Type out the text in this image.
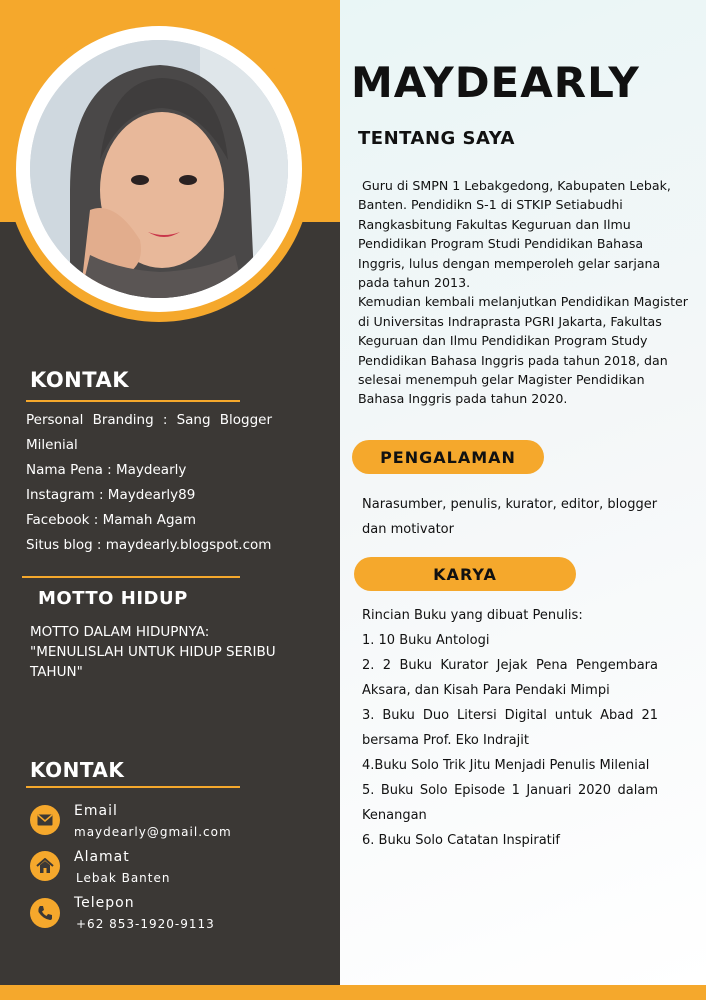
KONTAK
Personal Branding : Sang Blogger Milenial
Nama Pena : Maydearly
Instagram : Maydearly89
Facebook : Mamah Agam
Situs blog : maydearly.blogspot.com
MOTTO HIDUP
MOTTO DALAM HIDUPNYA: "MENULISLAH UNTUK HIDUP SERIBU TAHUN"
KONTAK
Email
maydearly@gmail.com
Alamat
Lebak Banten
Telepon
+62 853-1920-9113
MAYDEARLY
TENTANG SAYA

Guru di SMPN 1 Lebakgedong, Kabupaten Lebak, Banten. Pendidikn S-1 di STKIP Setiabudhi Rangkasbitung Fakultas Keguruan dan Ilmu Pendidikan Program Studi Pendidikan Bahasa Inggris, lulus dengan memperoleh gelar sarjana pada tahun 2013.

Kemudian kembali melanjutkan Pendidikan Magister di Universitas Indraprasta PGRI Jakarta, Fakultas Keguruan dan Ilmu Pendidikan Program Study Pendidikan Bahasa Inggris pada tahun 2018, dan selesai menempuh gelar Magister Pendidikan Bahasa Inggris pada tahun 2020.

PENGALAMAN
Narasumber, penulis, kurator, editor, blogger dan motivator
KARYA
Rincian Buku yang dibuat Penulis:
1. 10 Buku Antologi
2. 2 Buku Kurator Jejak Pena Pengembara Aksara, dan Kisah Para Pendaki Mimpi
3. Buku Duo Litersi Digital untuk Abad 21 bersama Prof. Eko Indrajit
4.Buku Solo Trik Jitu Menjadi Penulis Milenial
5. Buku Solo Episode 1 Januari 2020 dalam Kenangan
6. Buku Solo Catatan Inspiratif
